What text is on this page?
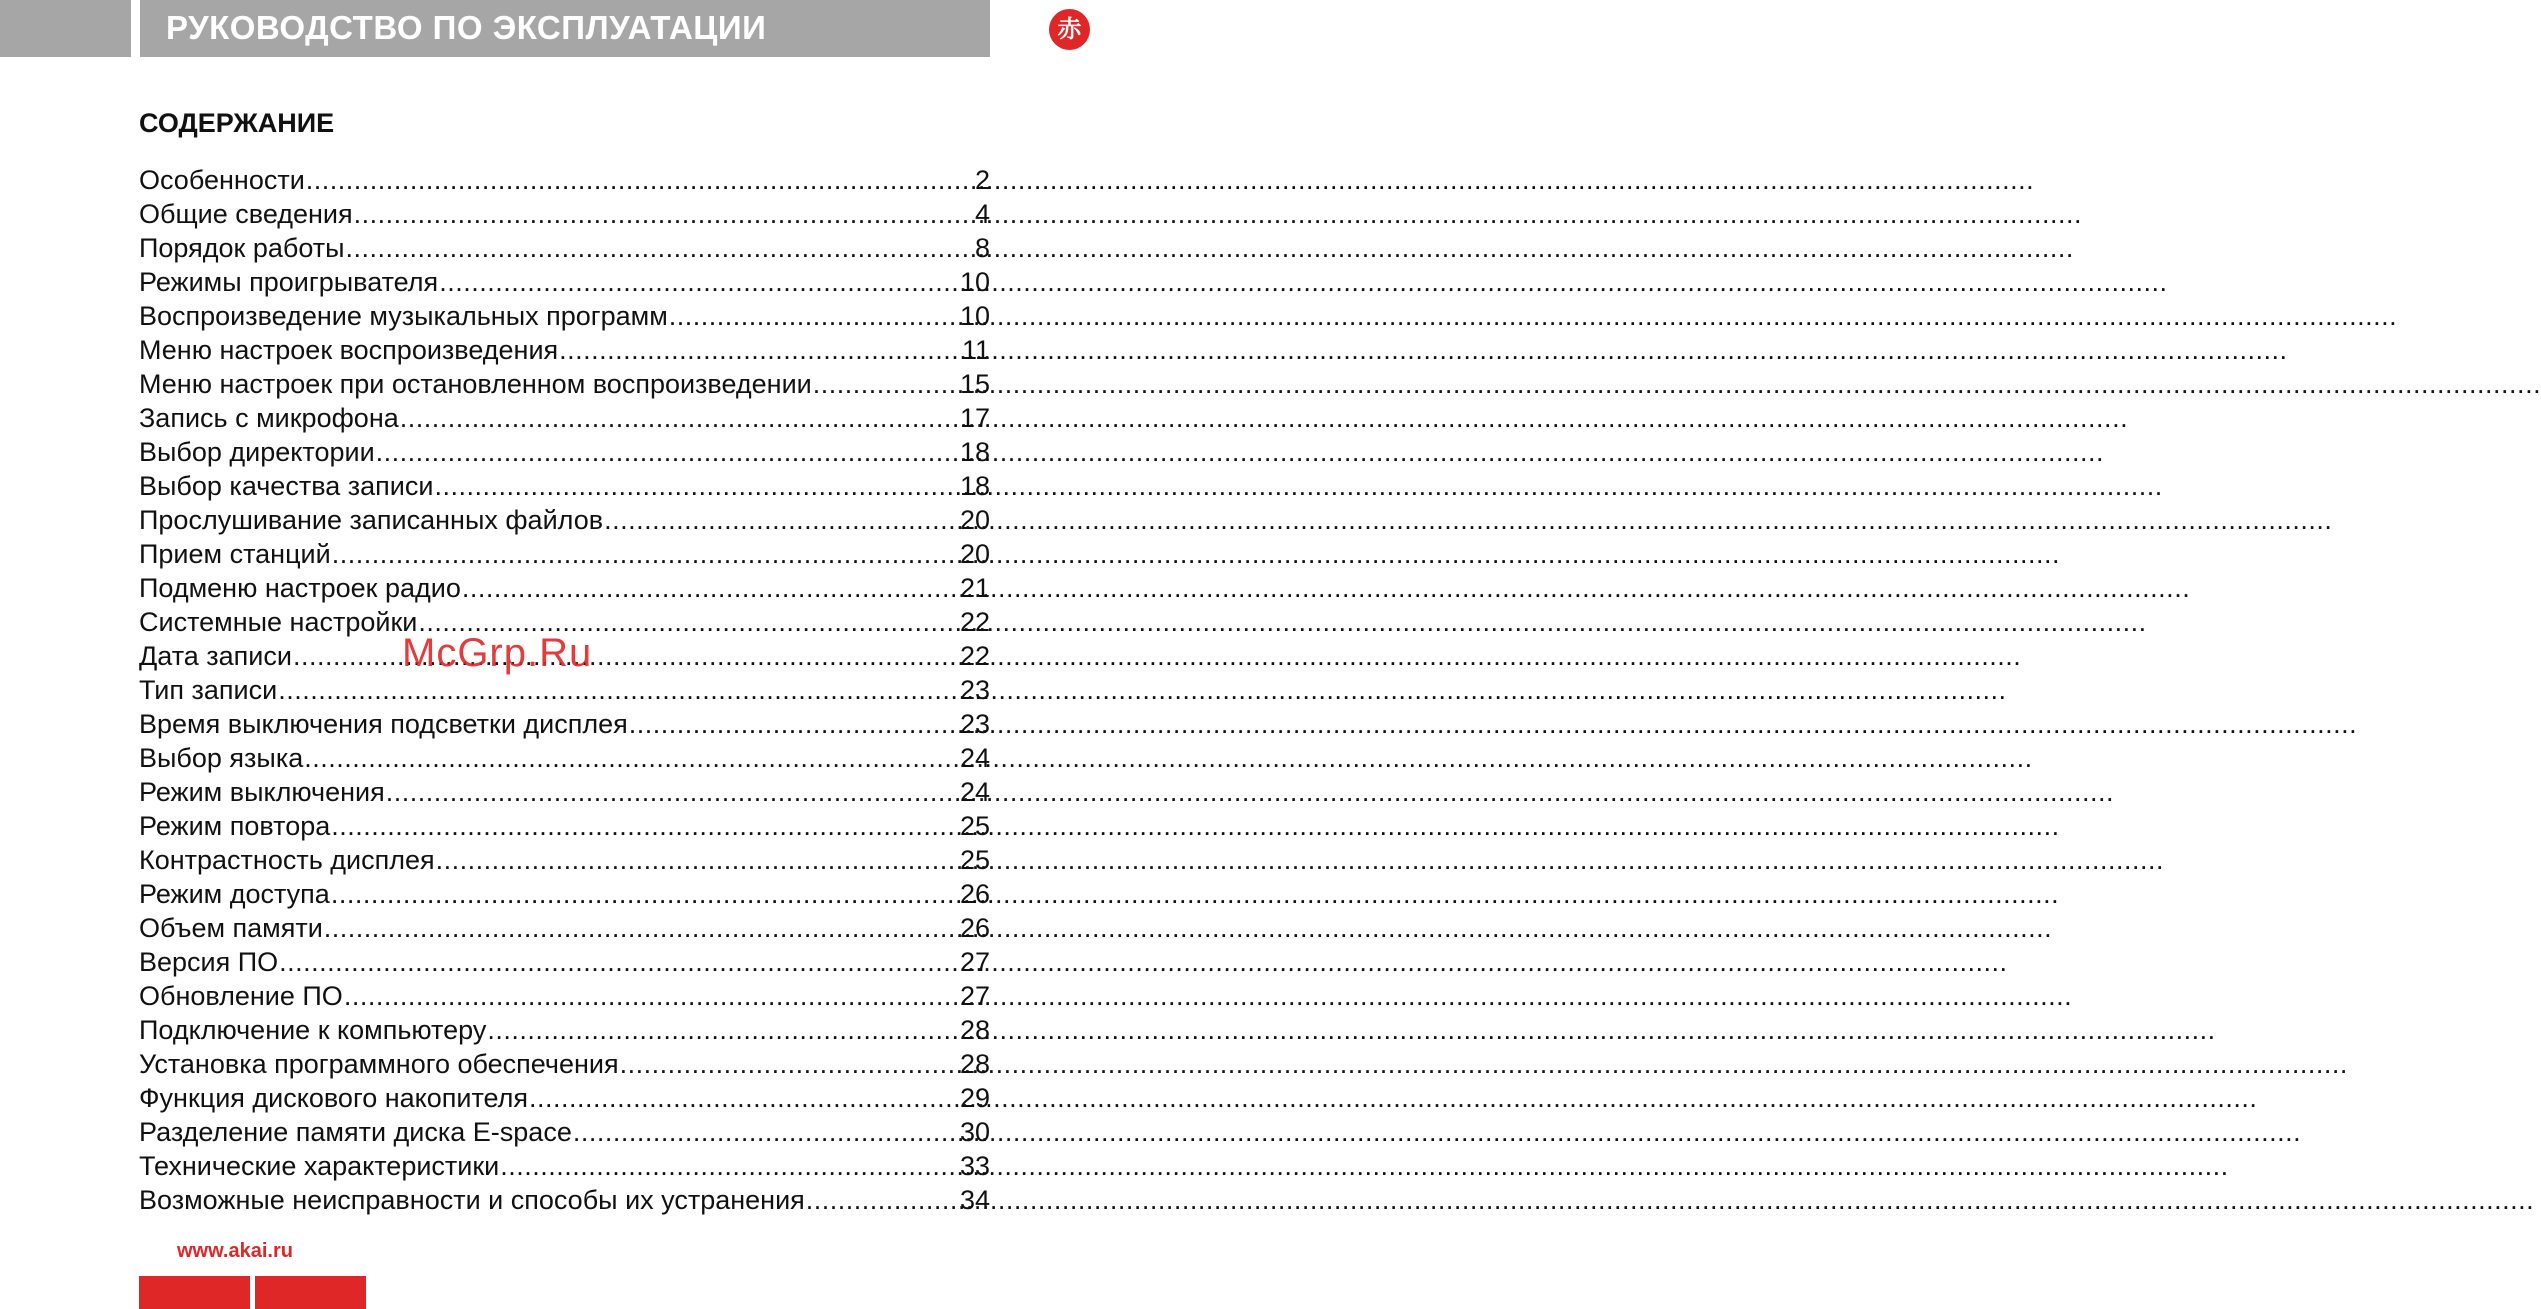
РУКОВОДСТВО ПО ЭКСПЛУАТАЦИИ	赤
СОДЕРЖАНИЕ
Особенности .....	2
Общие сведения .....	4
Порядок работы .....	8
Режимы проигрывателя .....	10
Воспроизведение музыкальных программ .....	10
Меню настроек воспроизведения .....	11
Меню настроек при остановленном воспроизведении .....	15
Запись с микрофона .....	17
Выбор директории .....	18
Выбор качества записи .....	18
Прослушивание записанных файлов .....	20
Прием станций .....	20
Подменю настроек радио .....	21
Системные настройки .....	22
Дата записи .....	22
Тип записи .....	23
Время выключения подсветки дисплея .....	23
Выбор языка .....	24
Режим выключения .....	24
Режим повтора .....	25
Контрастность дисплея .....	25
Режим доступа .....	26
Объем памяти .....	26
Версия ПО .....	27
Обновление ПО .....	27
Подключение к компьютеру .....	28
Установка программного обеспечения .....	28
Функция дискового накопителя .....	29
Разделение памяти диска E-space .....	30
Технические характеристики .....	33
Возможные неисправности и способы их устранения .....	34
McGrp.Ru
www.akai.ru
